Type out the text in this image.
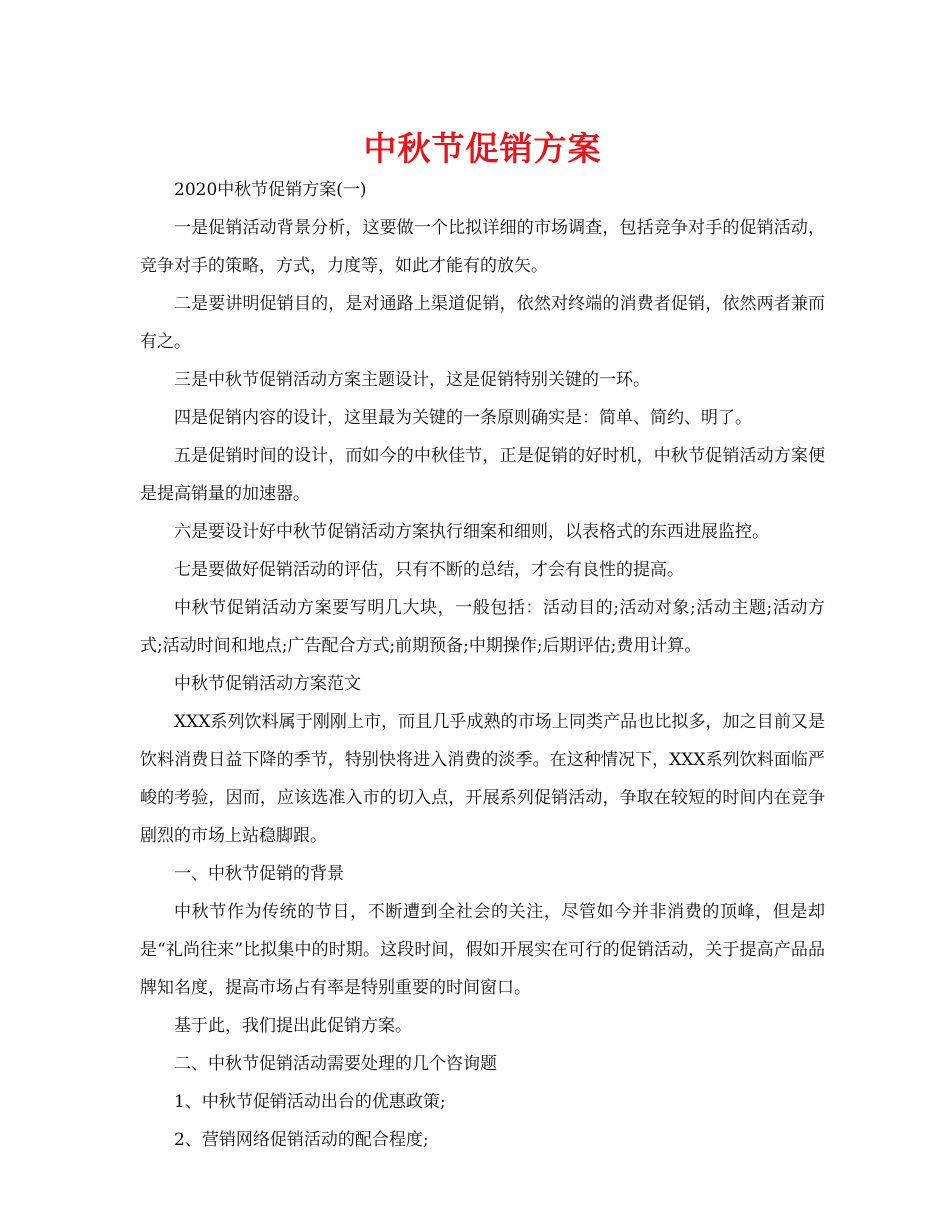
中秋节促销方案

2020中秋节促销方案(一)

一是促销活动背景分析，这要做一个比拟详细的市场调查，包括竞争对手的促销活动，竞争对手的策略，方式，力度等，如此才能有的放矢。

二是要讲明促销目的，是对通路上渠道促销，依然对终端的消费者促销，依然两者兼而有之。

三是中秋节促销活动方案主题设计，这是促销特别关键的一环。

四是促销内容的设计，这里最为关键的一条原则确实是：简单、简约、明了。

五是促销时间的设计，而如今的中秋佳节，正是促销的好时机，中秋节促销活动方案便是提高销量的加速器。

六是要设计好中秋节促销活动方案执行细案和细则，以表格式的东西进展监控。

七是要做好促销活动的评估，只有不断的总结，才会有良性的提高。

中秋节促销活动方案要写明几大块，一般包括：活动目的;活动对象;活动主题;活动方式;活动时间和地点;广告配合方式;前期预备;中期操作;后期评估;费用计算。

中秋节促销活动方案范文

XXX系列饮料属于刚刚上市，而且几乎成熟的市场上同类产品也比拟多，加之目前又是饮料消费日益下降的季节，特别快将进入消费的淡季。在这种情况下，XXX系列饮料面临严峻的考验，因而，应该选准入市的切入点，开展系列促销活动，争取在较短的时间内在竞争剧烈的市场上站稳脚跟。

一、中秋节促销的背景

中秋节作为传统的节日，不断遭到全社会的关注，尽管如今并非消费的顶峰，但是却是“礼尚往来”比拟集中的时期。这段时间，假如开展实在可行的促销活动，关于提高产品品牌知名度，提高市场占有率是特别重要的时间窗口。

基于此，我们提出此促销方案。

二、中秋节促销活动需要处理的几个咨询题

1、中秋节促销活动出台的优惠政策;

2、营销网络促销活动的配合程度;
